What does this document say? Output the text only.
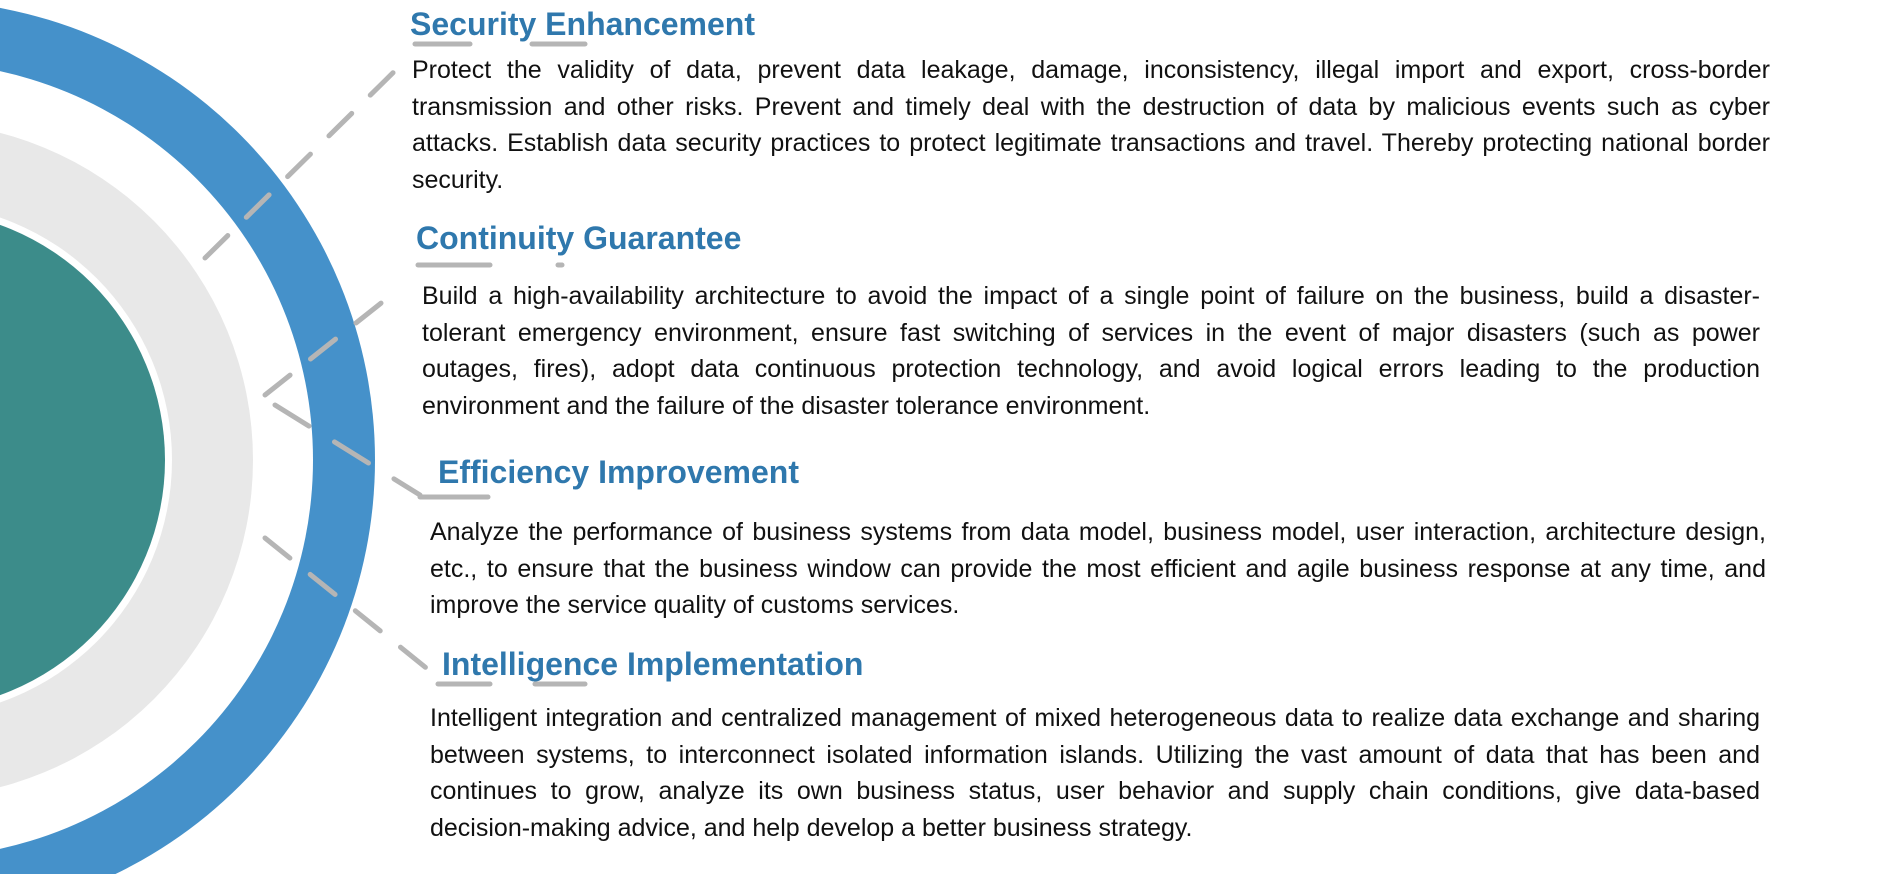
Security Enhancement

Protect the validity of data, prevent data leakage, damage, inconsistency, illegal import and export, cross-border transmission and other risks. Prevent and timely deal with the destruction of data by malicious events such as cyber attacks. Establish data security practices to protect legitimate transactions and travel. Thereby protecting national border security.

Continuity Guarantee

Build a high-availability architecture to avoid the impact of a single point of failure on the business, build a disaster-tolerant emergency environment, ensure fast switching of services in the event of major disasters (such as power outages, fires), adopt data continuous protection technology, and avoid logical errors leading to the production environment and the failure of the disaster tolerance environment.

Efficiency Improvement

Analyze the performance of business systems from data model, business model, user interaction, architecture design, etc., to ensure that the business window can provide the most efficient and agile business response at any time, and improve the service quality of customs services.

Intelligence Implementation

Intelligent integration and centralized management of mixed heterogeneous data to realize data exchange and sharing between systems, to interconnect isolated information islands. Utilizing the vast amount of data that has been and continues to grow, analyze its own business status, user behavior and supply chain conditions, give data-based decision-making advice, and help develop a better business strategy.
